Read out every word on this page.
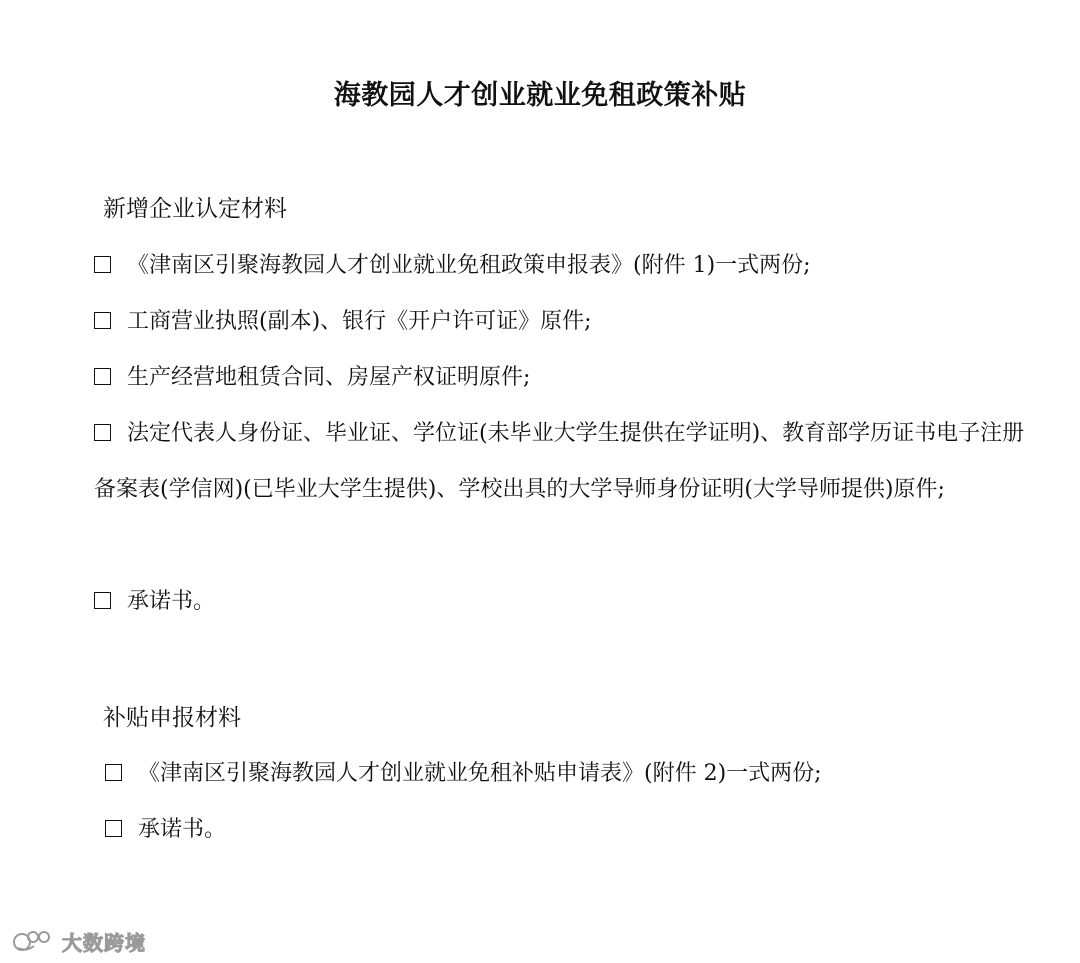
海教园人才创业就业免租政策补贴
新增企业认定材料
《津南区引聚海教园人才创业就业免租政策申报表》(附件 1)一式两份;
工商营业执照(副本)、银行《开户许可证》原件;
生产经营地租赁合同、房屋产权证明原件;
法定代表人身份证、毕业证、学位证(未毕业大学生提供在学证明)、教育部学历证书电子注册备案表(学信网)(已毕业大学生提供)、学校出具的大学导师身份证明(大学导师提供)原件;
承诺书。
补贴申报材料
《津南区引聚海教园人才创业就业免租补贴申请表》(附件 2)一式两份;
承诺书。
大数跨境
